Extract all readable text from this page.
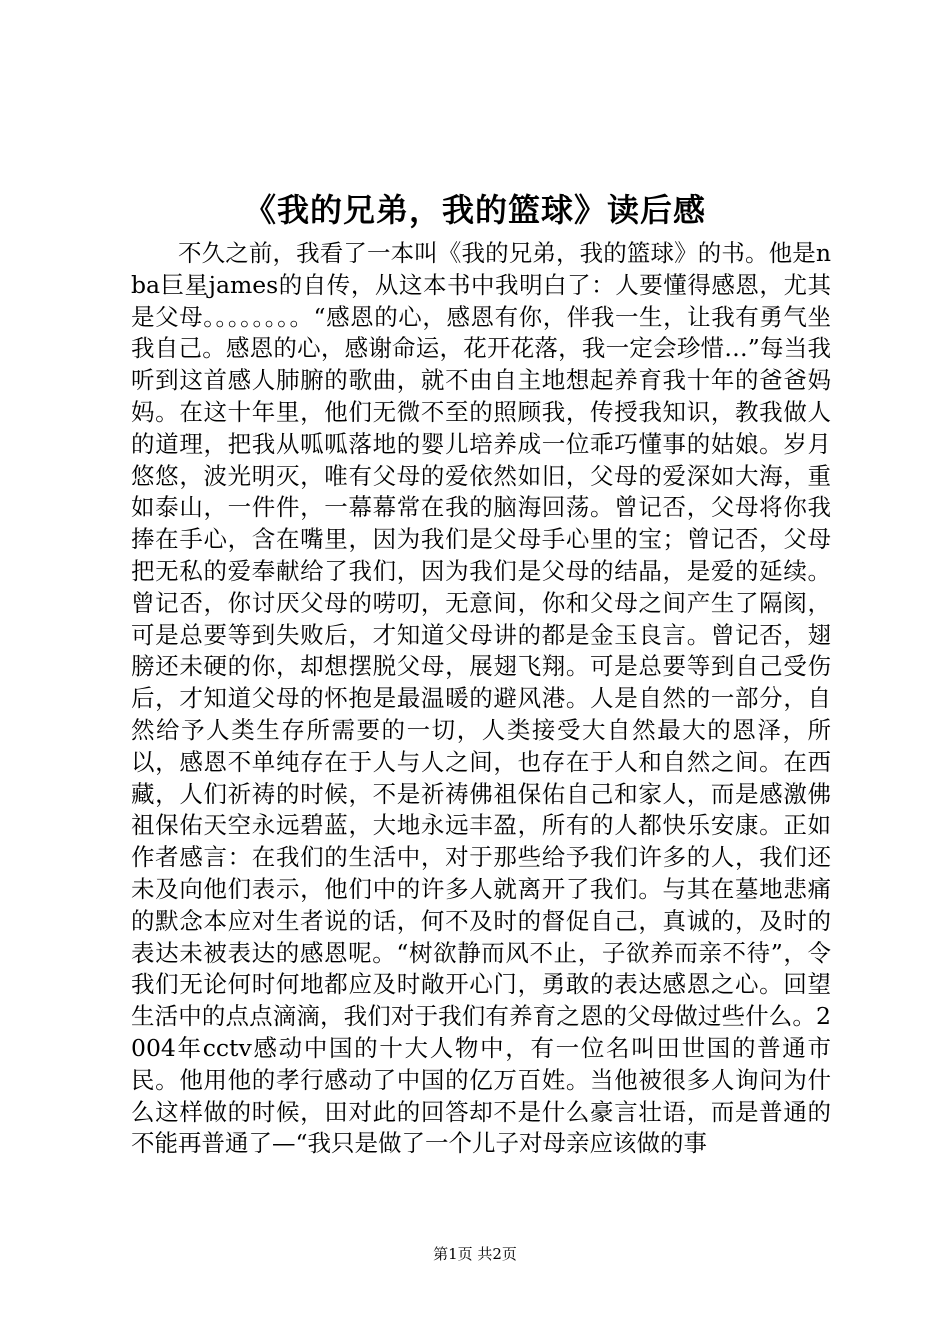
《我的兄弟，我的篮球》读后感

不久之前，我看了一本叫《我的兄弟，我的篮球》的书。他是nba巨星james的自传，从这本书中我明白了：人要懂得感恩，尤其是父母。。。。。。。。“感恩的心，感恩有你，伴我一生，让我有勇气坐我自己。感恩的心，感谢命运，花开花落，我一定会珍惜…”每当我听到这首感人肺腑的歌曲，就不由自主地想起养育我十年的爸爸妈妈。在这十年里，他们无微不至的照顾我，传授我知识，教我做人的道理，把我从呱呱落地的婴儿培养成一位乖巧懂事的姑娘。岁月悠悠，波光明灭，唯有父母的爱依然如旧，父母的爱深如大海，重如泰山，一件件，一幕幕常在我的脑海回荡。曾记否，父母将你我捧在手心，含在嘴里，因为我们是父母手心里的宝；曾记否，父母把无私的爱奉献给了我们，因为我们是父母的结晶，是爱的延续。曾记否，你讨厌父母的唠叨，无意间，你和父母之间产生了隔阂，可是总要等到失败后，才知道父母讲的都是金玉良言。曾记否，翅膀还未硬的你，却想摆脱父母，展翅飞翔。可是总要等到自己受伤后，才知道父母的怀抱是最温暖的避风港。人是自然的一部分，自然给予人类生存所需要的一切，人类接受大自然最大的恩泽，所以，感恩不单纯存在于人与人之间，也存在于人和自然之间。在西藏，人们祈祷的时候，不是祈祷佛祖保佑自己和家人，而是感激佛祖保佑天空永远碧蓝，大地永远丰盈，所有的人都快乐安康。正如作者感言：在我们的生活中，对于那些给予我们许多的人，我们还未及向他们表示，他们中的许多人就离开了我们。与其在墓地悲痛的默念本应对生者说的话，何不及时的督促自己，真诚的，及时的表达未被表达的感恩呢。“树欲静而风不止，子欲养而亲不待”，令我们无论何时何地都应及时敞开心门，勇敢的表达感恩之心。回望生活中的点点滴滴，我们对于我们有养育之恩的父母做过些什么。2004年cctv感动中国的十大人物中，有一位名叫田世国的普通市民。他用他的孝行感动了中国的亿万百姓。当他被很多人询问为什么这样做的时候，田对此的回答却不是什么豪言壮语，而是普通的不能再普通了—“我只是做了一个儿子对母亲应该做的事

第1页 共2页
